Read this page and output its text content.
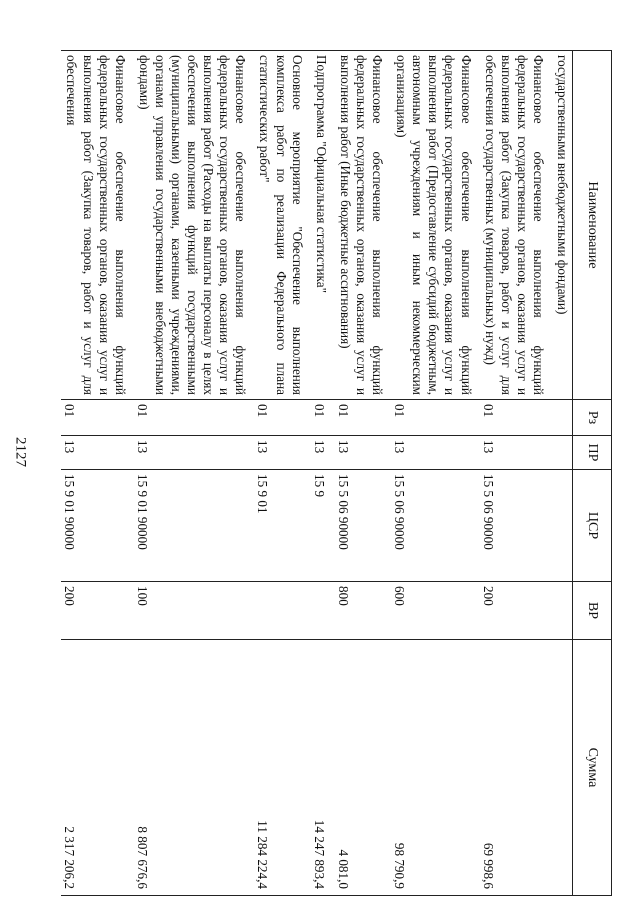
2127
Наименование	Рз	ПР	ЦСР	ВР	Сумма
государственными внебюджетными фондами)					
Финансовое обеспечение выполнения функций федеральных государственных органов, оказания услуг и выполнения работ (Закупка товаров, работ и услуг для обеспечения государственных (муниципальных) нужд)	01	13	15 5 06 90000	200	69 998,6
Финансовое обеспечение выполнения функций федеральных государственных органов, оказания услуг и выполнения работ (Предоставление субсидий бюджетным, автономным учреждениям и иным некоммерческим организациям)	01	13	15 5 06 90000	600	98 790,9
Финансовое обеспечение выполнения функций федеральных государственных органов, оказания услуг и выполнения работ (Иные бюджетные ассигнования)	01	13	15 5 06 90000	800	4 081,0
Подпрограмма "Официальная статистика"	01	13	15 9		14 247 893,4
Основное мероприятие "Обеспечение выполнения комплекса работ по реализации Федерального плана статистических работ"	01	13	15 9 01		11 284 224,4
Финансовое обеспечение выполнения функций федеральных государственных органов, оказания услуг и выполнения работ (Расходы на выплаты персоналу в целях обеспечения выполнения функций государственными (муниципальными) органами, казенными учреждениями, органами управления государственными внебюджетными фондами)	01	13	15 9 01 90000	100	8 807 676,6
Финансовое обеспечение выполнения функций федеральных государственных органов, оказания услуг и выполнения работ (Закупка товаров, работ и услуг для обеспечения	01	13	15 9 01 90000	200	2 317 206,2
